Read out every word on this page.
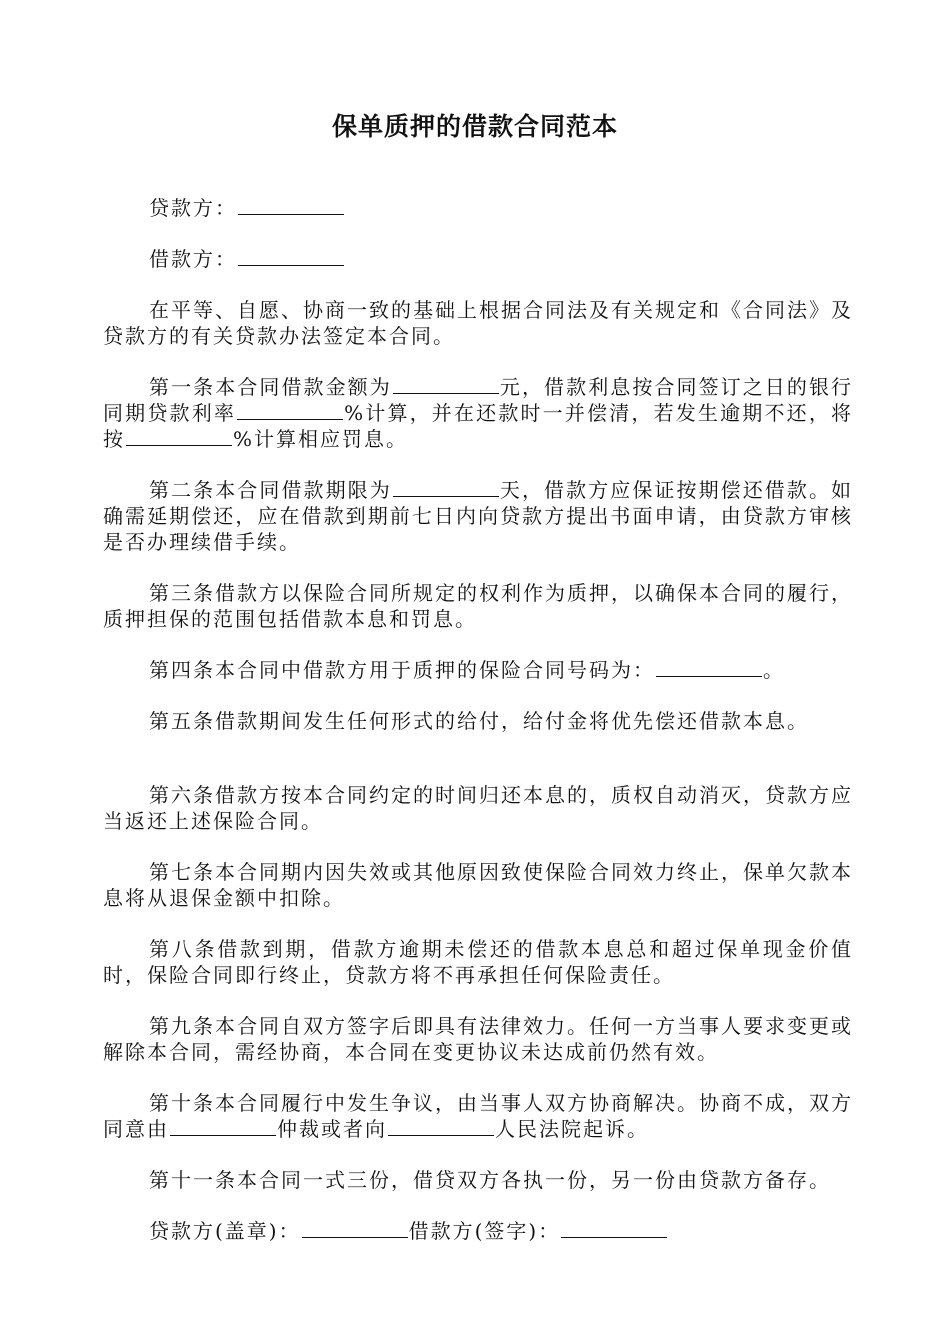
保单质押的借款合同范本

贷款方：

借款方：

在平等、自愿、协商一致的基础上根据合同法及有关规定和《合同法》及贷款方的有关贷款办法签定本合同。

第一条本合同借款金额为	元，借款利息按合同签订之日的银行同期贷款利率	%计算，并在还款时一并偿清，若发生逾期不还，将按	%计算相应罚息。

第二条本合同借款期限为	天，借款方应保证按期偿还借款。如确需延期偿还，应在借款到期前七日内向贷款方提出书面申请，由贷款方审核是否办理续借手续。

第三条借款方以保险合同所规定的权利作为质押，以确保本合同的履行，质押担保的范围包括借款本息和罚息。

第四条本合同中借款方用于质押的保险合同号码为：	。

第五条借款期间发生任何形式的给付，给付金将优先偿还借款本息。

第六条借款方按本合同约定的时间归还本息的，质权自动消灭，贷款方应当返还上述保险合同。

第七条本合同期内因失效或其他原因致使保险合同效力终止，保单欠款本息将从退保金额中扣除。

第八条借款到期，借款方逾期未偿还的借款本息总和超过保单现金价值时，保险合同即行终止，贷款方将不再承担任何保险责任。

第九条本合同自双方签字后即具有法律效力。任何一方当事人要求变更或解除本合同，需经协商，本合同在变更协议未达成前仍然有效。

第十条本合同履行中发生争议，由当事人双方协商解决。协商不成，双方同意由	仲裁或者向	人民法院起诉。

第十一条本合同一式三份，借贷双方各执一份，另一份由贷款方备存。

贷款方(盖章)：	借款方(签字)：
